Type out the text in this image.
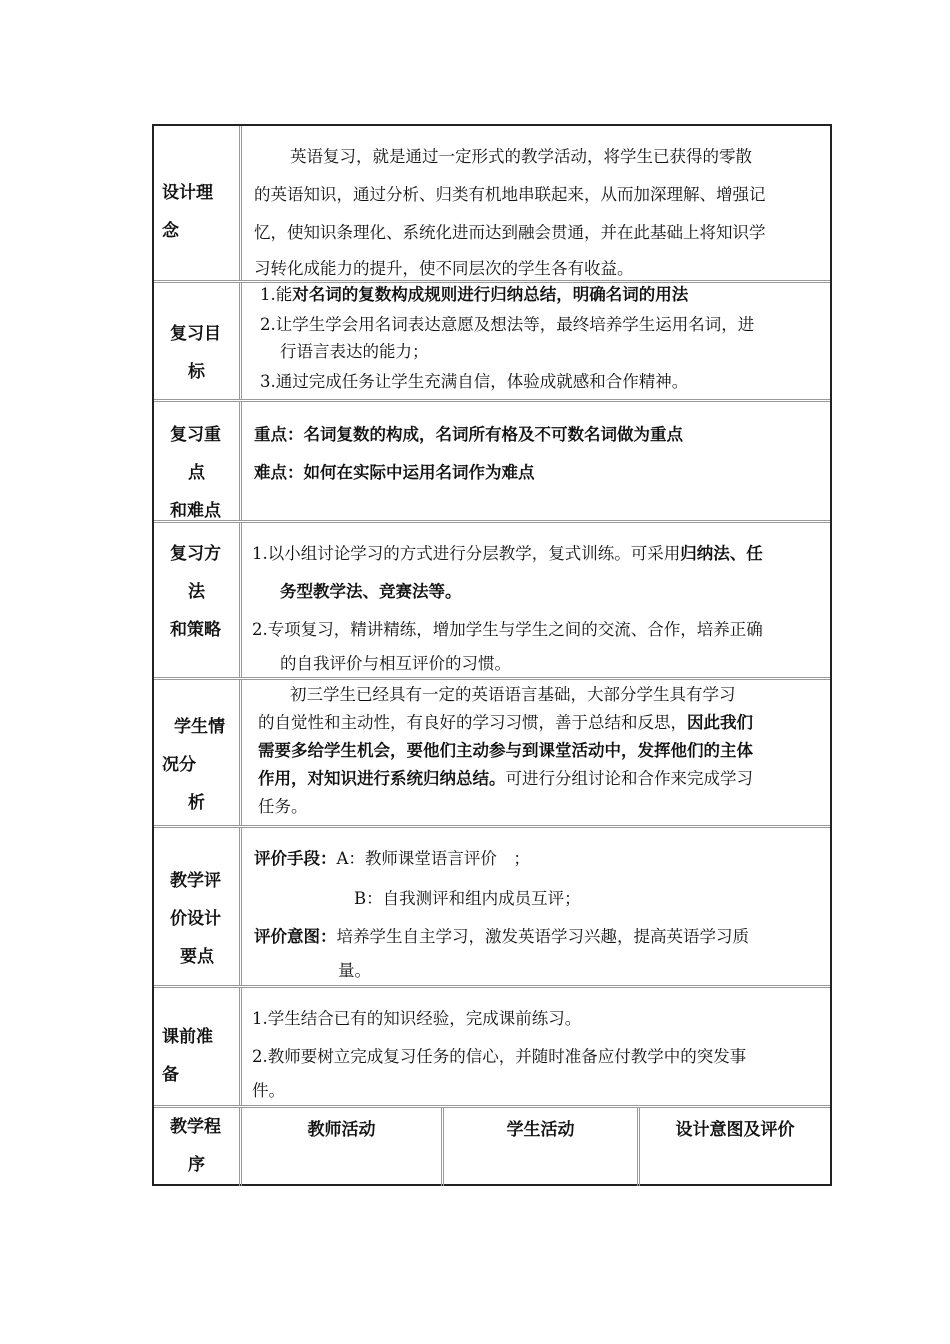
设计理
念
英语复习，就是通过一定形式的教学活动，将学生已获得的零散
的英语知识，通过分析、归类有机地串联起来，从而加深理解、增强记
忆，使知识条理化、系统化进而达到融会贯通，并在此基础上将知识学
习转化成能力的提升，使不同层次的学生各有收益。
复习目
标
1.能对名词的复数构成规则进行归纳总结，明确名词的用法
2.让学生学会用名词表达意愿及想法等，最终培养学生运用名词，进
行语言表达的能力；
3.通过完成任务让学生充满自信，体验成就感和合作精神。
复习重
点
和难点
重点：名词复数的构成，名词所有格及不可数名词做为重点
难点：如何在实际中运用名词作为难点
复习方
法
和策略
1.以小组讨论学习的方式进行分层教学，复式训练。可采用归纳法、任
务型教学法、竞赛法等。
2.专项复习，精讲精练，增加学生与学生之间的交流、合作，培养正确
的自我评价与相互评价的习惯。
学生情
况分
析
初三学生已经具有一定的英语语言基础，大部分学生具有学习
的自觉性和主动性，有良好的学习习惯，善于总结和反思，因此我们
需要多给学生机会，要他们主动参与到课堂活动中，发挥他们的主体
作用，对知识进行系统归纳总结。可进行分组讨论和合作来完成学习
任务。
教学评
价设计
要点
评价手段：A：教师课堂语言评价　；
B：自我测评和组内成员互评；
评价意图：培养学生自主学习，激发英语学习兴趣，提高英语学习质
量。
课前准
备
1.学生结合已有的知识经验，完成课前练习。
2.教师要树立完成复习任务的信心，并随时准备应付教学中的突发事
件。
教学程
序
教师活动	学生活动	设计意图及评价
